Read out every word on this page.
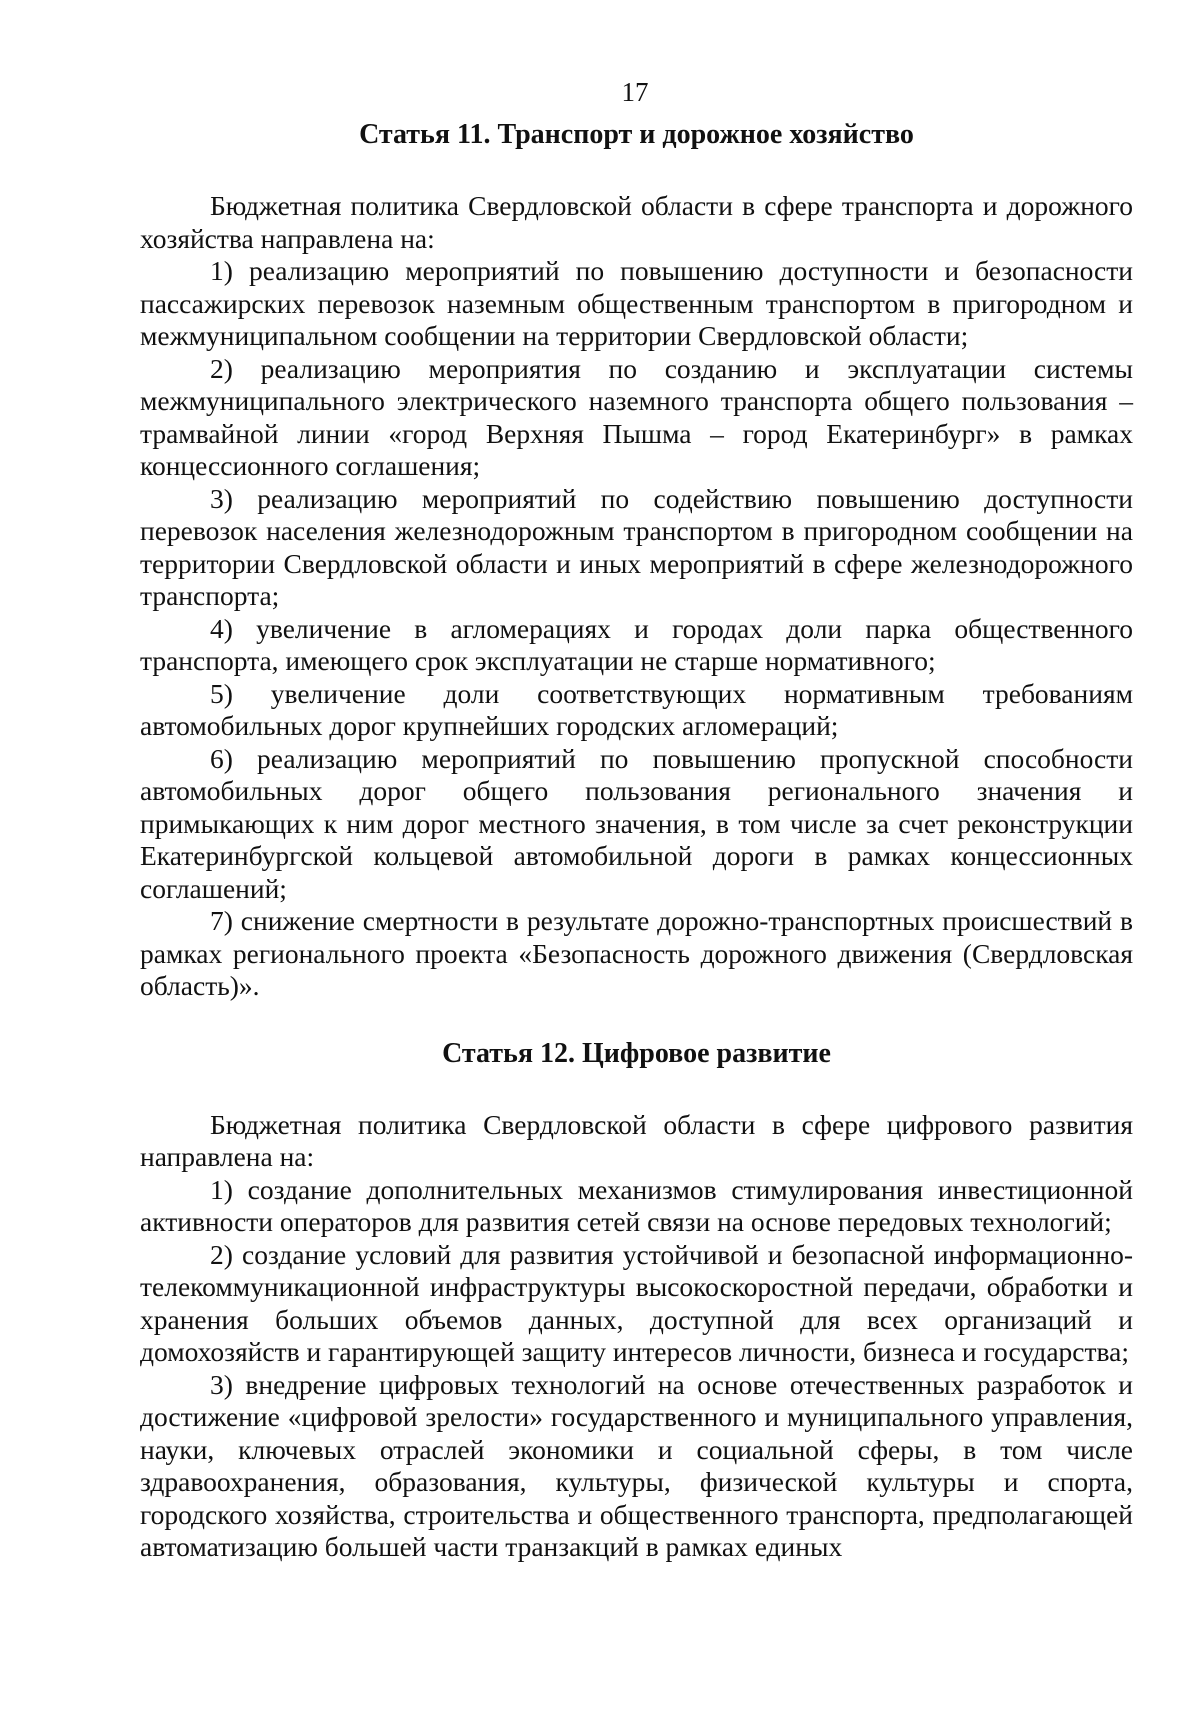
17
Статья 11. Транспорт и дорожное хозяйство

Бюджетная политика Свердловской области в сфере транспорта и дорожного хозяйства направлена на:

1) реализацию мероприятий по повышению доступности и безопасности пассажирских перевозок наземным общественным транспортом в пригородном и межмуниципальном сообщении на территории Свердловской области;

2) реализацию мероприятия по созданию и эксплуатации системы межмуниципального электрического наземного транспорта общего пользования – трамвайной линии «город Верхняя Пышма – город Екатеринбург» в рамках концессионного соглашения;

3) реализацию мероприятий по содействию повышению доступности перевозок населения железнодорожным транспортом в пригородном сообщении на территории Свердловской области и иных мероприятий в сфере железнодорожного транспорта;

4) увеличение в агломерациях и городах доли парка общественного транспорта, имеющего срок эксплуатации не старше нормативного;

5) увеличение доли соответствующих нормативным требованиям автомобильных дорог крупнейших городских агломераций;

6) реализацию мероприятий по повышению пропускной способности автомобильных дорог общего пользования регионального значения и примыкающих к ним дорог местного значения, в том числе за счет реконструкции Екатеринбургской кольцевой автомобильной дороги в рамках концессионных соглашений;

7) снижение смертности в результате дорожно-транспортных происшествий в рамках регионального проекта «Безопасность дорожного движения (Свердловская область)».

Статья 12. Цифровое развитие

Бюджетная политика Свердловской области в сфере цифрового развития направлена на:

1) создание дополнительных механизмов стимулирования инвестиционной активности операторов для развития сетей связи на основе передовых технологий;

2) создание условий для развития устойчивой и безопасной информационно-телекоммуникационной инфраструктуры высокоскоростной передачи, обработки и хранения больших объемов данных, доступной для всех организаций и домохозяйств и гарантирующей защиту интересов личности, бизнеса и государства;

3) внедрение цифровых технологий на основе отечественных разработок и достижение «цифровой зрелости» государственного и муниципального управления, науки, ключевых отраслей экономики и социальной сферы, в том числе здравоохранения, образования, культуры, физической культуры и спорта, городского хозяйства, строительства и общественного транспорта, предполагающей автоматизацию большей части транзакций в рамках единых
